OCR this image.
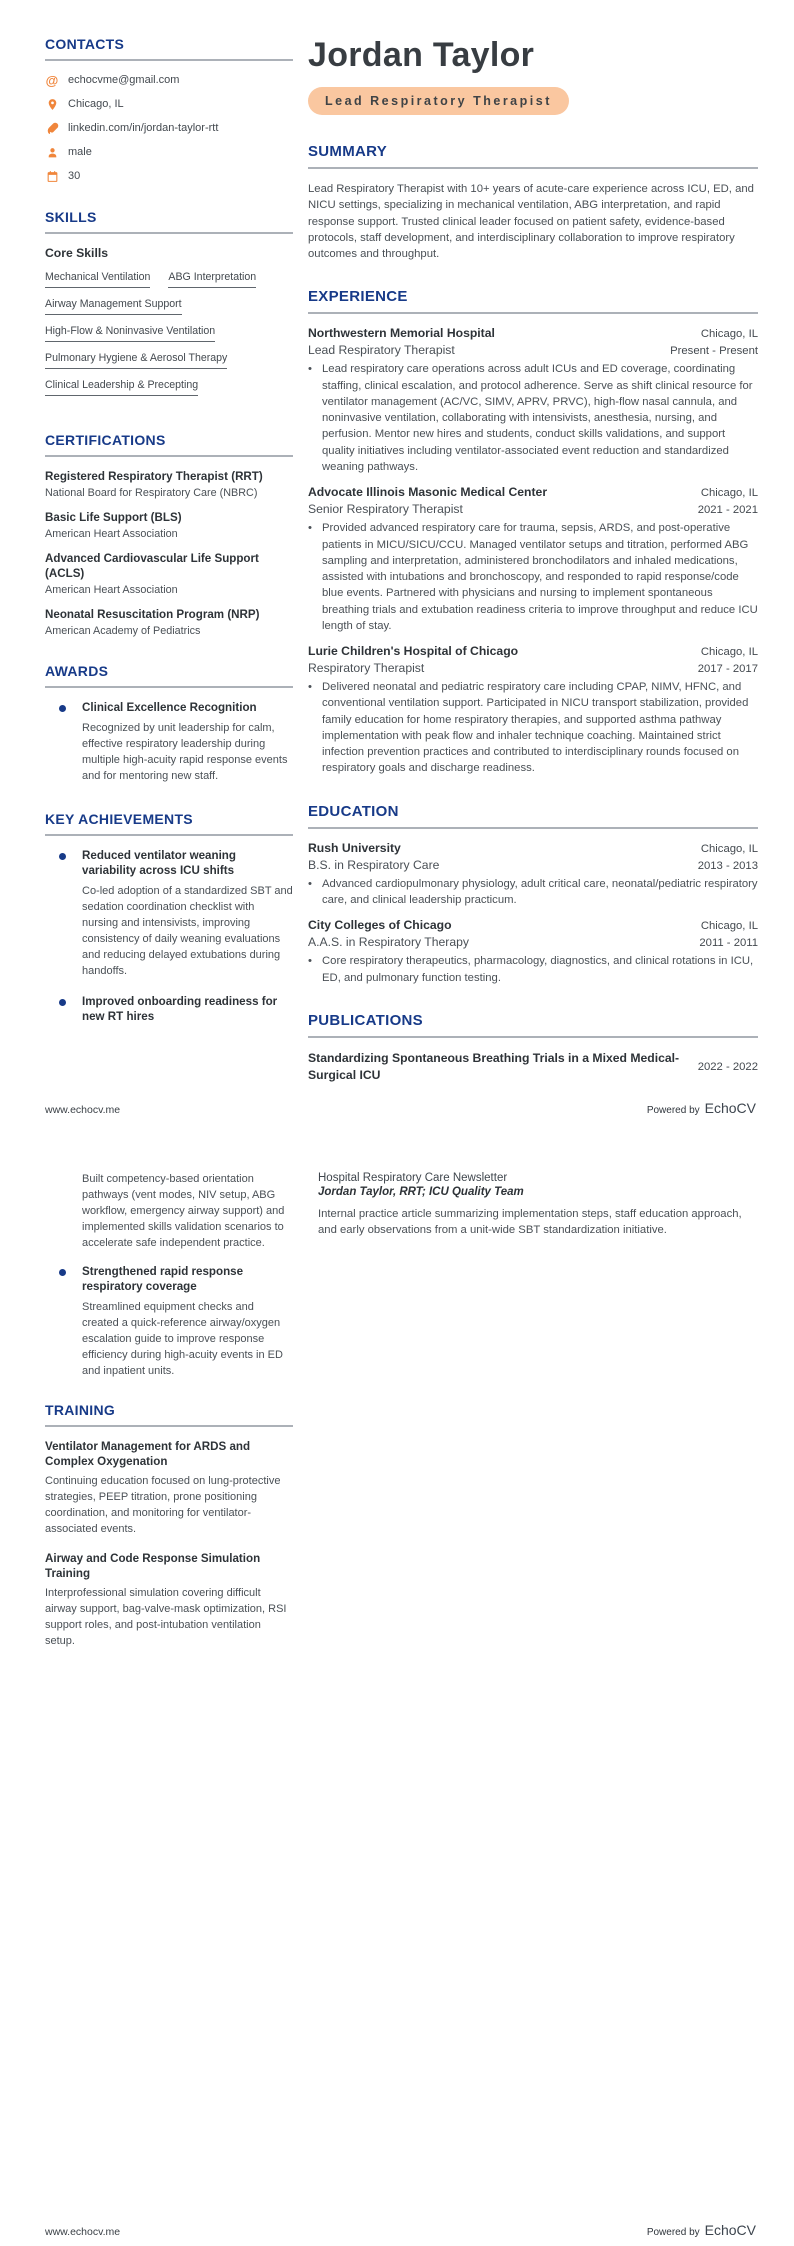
CONTACTS
@ echocvme@gmail.com
Chicago, IL
linkedin.com/in/jordan-taylor-rtt
male
30
SKILLS
Core Skills
Mechanical Ventilation ABG Interpretation
Airway Management Support
High-Flow & Noninvasive Ventilation
Pulmonary Hygiene & Aerosol Therapy
Clinical Leadership & Precepting
CERTIFICATIONS
Registered Respiratory Therapist (RRT)
National Board for Respiratory Care (NBRC)
Basic Life Support (BLS)
American Heart Association
Advanced Cardiovascular Life Support (ACLS)
American Heart Association
Neonatal Resuscitation Program (NRP)
American Academy of Pediatrics
AWARDS
Clinical Excellence Recognition
Recognized by unit leadership for calm, effective respiratory leadership during multiple high-acuity rapid response events and for mentoring new staff.
KEY ACHIEVEMENTS
Reduced ventilator weaning variability across ICU shifts
Co-led adoption of a standardized SBT and sedation coordination checklist with nursing and intensivists, improving consistency of daily weaning evaluations and reducing delayed extubations during handoffs.
Improved onboarding readiness for new RT hires
Jordan Taylor
Lead Respiratory Therapist
SUMMARY

Lead Respiratory Therapist with 10+ years of acute-care experience across ICU, ED, and NICU settings, specializing in mechanical ventilation, ABG interpretation, and rapid response support. Trusted clinical leader focused on patient safety, evidence-based protocols, staff development, and interdisciplinary collaboration to improve respiratory outcomes and throughput.

EXPERIENCE
Northwestern Memorial Hospital	Chicago, IL
Lead Respiratory Therapist	Present - Present
• Lead respiratory care operations across adult ICUs and ED coverage, coordinating staffing, clinical escalation, and protocol adherence. Serve as shift clinical resource for ventilator management (AC/VC, SIMV, APRV, PRVC), high-flow nasal cannula, and noninvasive ventilation, collaborating with intensivists, anesthesia, nursing, and perfusion. Mentor new hires and students, conduct skills validations, and support quality initiatives including ventilator-associated event reduction and standardized weaning pathways.

Advocate Illinois Masonic Medical Center	Chicago, IL
Senior Respiratory Therapist	2021 - 2021
• Provided advanced respiratory care for trauma, sepsis, ARDS, and post-operative patients in MICU/SICU/CCU. Managed ventilator setups and titration, performed ABG sampling and interpretation, administered bronchodilators and inhaled medications, assisted with intubations and bronchoscopy, and responded to rapid response/code blue events. Partnered with physicians and nursing to implement spontaneous breathing trials and extubation readiness criteria to improve throughput and reduce ICU length of stay.

Lurie Children's Hospital of Chicago	Chicago, IL
Respiratory Therapist	2017 - 2017
• Delivered neonatal and pediatric respiratory care including CPAP, NIMV, HFNC, and conventional ventilation support. Participated in NICU transport stabilization, provided family education for home respiratory therapies, and supported asthma pathway implementation with peak flow and inhaler technique coaching. Maintained strict infection prevention practices and contributed to interdisciplinary rounds focused on respiratory goals and discharge readiness.

EDUCATION
Rush University	Chicago, IL
B.S. in Respiratory Care	2013 - 2013
• Advanced cardiopulmonary physiology, adult critical care, neonatal/pediatric respiratory care, and clinical leadership practicum.

City Colleges of Chicago	Chicago, IL
A.A.S. in Respiratory Therapy	2011 - 2011
• Core respiratory therapeutics, pharmacology, diagnostics, and clinical rotations in ICU, ED, and pulmonary function testing.

PUBLICATIONS
Standardizing Spontaneous Breathing Trials in a Mixed Medical-Surgical ICU
2022 - 2022
www.echocv.me	Powered by EchoCV
Built competency-based orientation pathways (vent modes, NIV setup, ABG workflow, emergency airway support) and implemented skills validation scenarios to accelerate safe independent practice.
Strengthened rapid response respiratory coverage
Streamlined equipment checks and created a quick-reference airway/oxygen escalation guide to improve response efficiency during high-acuity events in ED and inpatient units.
TRAINING
Ventilator Management for ARDS and Complex Oxygenation
Continuing education focused on lung-protective strategies, PEEP titration, prone positioning coordination, and monitoring for ventilator-associated events.
Airway and Code Response Simulation Training
Interprofessional simulation covering difficult airway support, bag-valve-mask optimization, RSI support roles, and post-intubation ventilation setup.
Hospital Respiratory Care Newsletter
Jordan Taylor, RRT; ICU Quality Team

Internal practice article summarizing implementation steps, staff education approach, and early observations from a unit-wide SBT standardization initiative.

www.echocv.me	Powered by EchoCV
